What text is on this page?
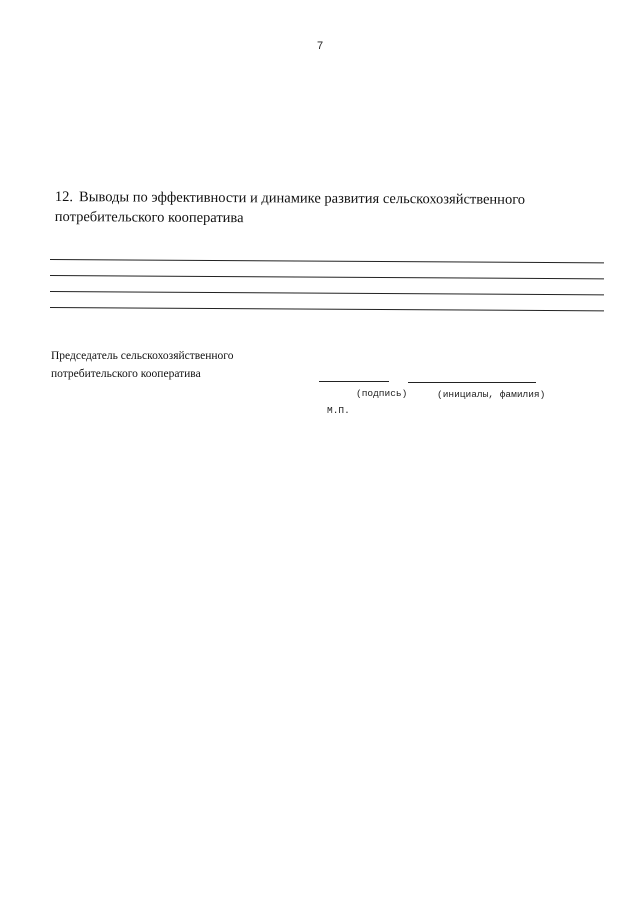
7
12. Выводы по эффективности и динамике развития сельскохозяйственного
потребительского кооператива
Председатель сельскохозяйственного
потребительского кооператива
(подпись)	(инициалы, фамилия)
М.П.
